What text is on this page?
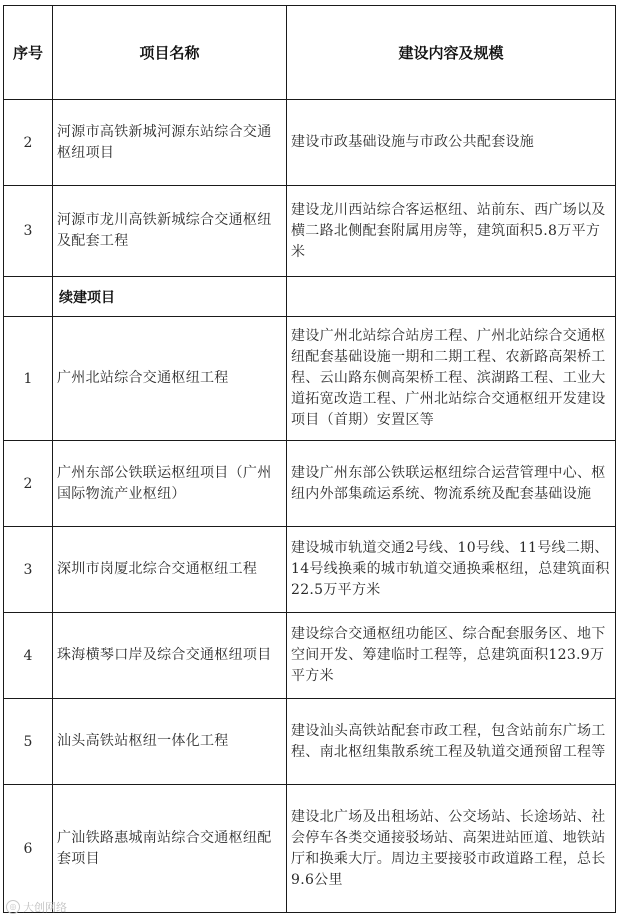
序号	项目名称	建设内容及规模
2	河源市高铁新城河源东站综合交通枢纽项目	建设市政基础设施与市政公共配套设施
3	河源市龙川高铁新城综合交通枢纽及配套工程	建设龙川西站综合客运枢纽、站前东、西广场以及横二路北侧配套附属用房等，建筑面积5.8万平方米
	续建项目	
1	广州北站综合交通枢纽工程	建设广州北站综合站房工程、广州北站综合交通枢纽配套基础设施一期和二期工程、农新路高架桥工程、云山路东侧高架桥工程、滨湖路工程、工业大道拓宽改造工程、广州北站综合交通枢纽开发建设项目（首期）安置区等
2	广州东部公铁联运枢纽项目（广州国际物流产业枢纽）	建设广州东部公铁联运枢纽综合运营管理中心、枢纽内外部集疏运系统、物流系统及配套基础设施
3	深圳市岗厦北综合交通枢纽工程	建设城市轨道交通2号线、10号线、11号线二期、14号线换乘的城市轨道交通换乘枢纽，总建筑面积22.5万平方米
4	珠海横琴口岸及综合交通枢纽项目	建设综合交通枢纽功能区、综合配套服务区、地下空间开发、筹建临时工程等，总建筑面积123.9万平方米
5	汕头高铁站枢纽一体化工程	建设汕头高铁站配套市政工程，包含站前东广场工程、南北枢纽集散系统工程及轨道交通预留工程等
6	广汕铁路惠城南站综合交通枢纽配套项目	建设北广场及出租场站、公交场站、长途场站、社会停车各类交通接驳场站、高架进站匝道、地铁站厅和换乘大厅。周边主要接驳市政道路工程，总长9.6公里
◎ 大创网络
